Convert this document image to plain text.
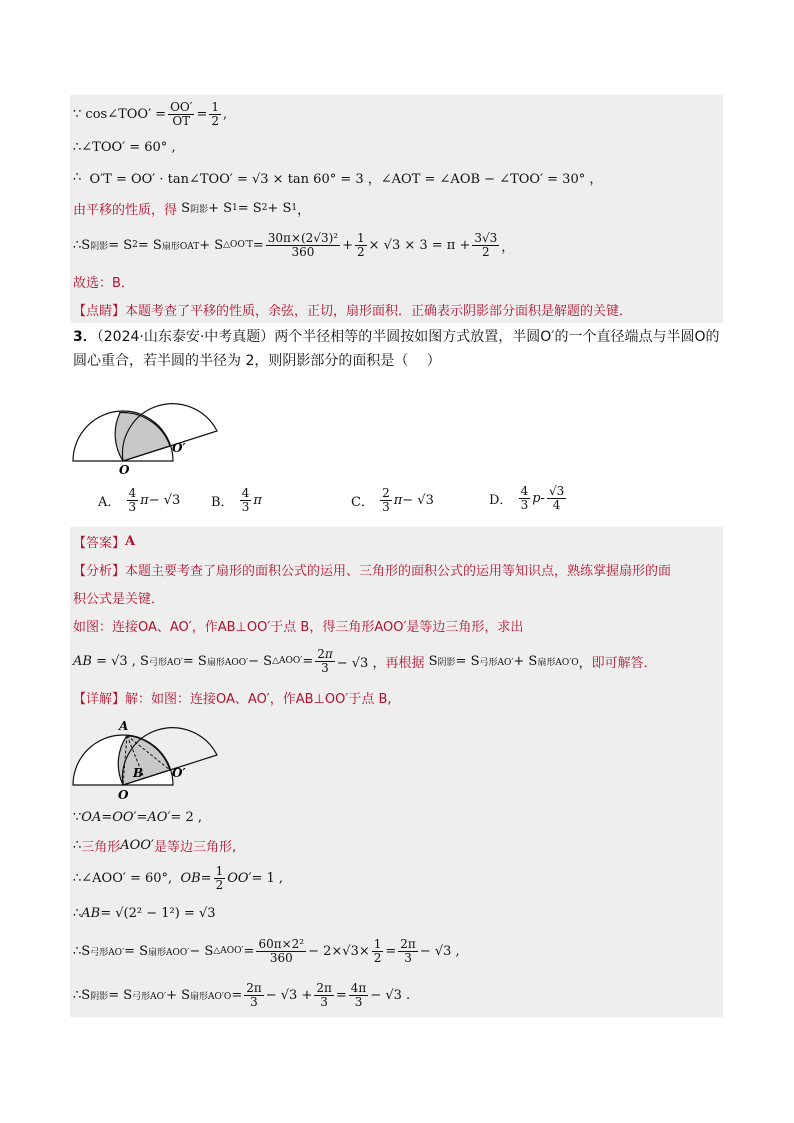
∵ cos∠TOO′ = $\frac{OO'}{OT} = \frac{1}{2}$ ,
∴ ∠TOO′ = 60° ,
∴ O′T = OO′ · tan∠TOO′ = √3 × tan 60° = 3 ，∠AOT = ∠AOB − ∠TOO′ = 30° ，
由平移的性质，得 S 阴影 + S 1 = S 2 + S 1 ，
∴ S 阴影 = S 2 = S 扇形OAT + S △OO′T = $\frac{\text{30π×(2√3)²}}{360} + \frac{1}{2} \times √3 \times 3 = \pi + \frac{3√3}{2}$ ，
故选：B．
【点睛】 本题考查了平移的性质，余弦，正切，扇形面积．正确表示阴影部分面积是解题的关键．
3．（2024·山东泰安·中考真题）两个半径相等的半圆按如图方式放置，半圆O′的一个直径端点与半圆O的圆心重合，若半圆的半径为 2，则阴影部分的面积是（　 ）
O
O′
A． $\frac{4}{3}$ π − √3 B． $\frac{4}{3}$ π	C． $\frac{2}{3}$ π − √3	D． $\frac{4}{3}$ p - $\frac{√3}{4}$
【答案】 A
【分析】 本题主要考查了扇形的面积公式的运用、三角形的面积公式的运用等知识点，熟练掌握扇形的面
积公式是关键．
如图：连接OA、AO′，作AB⊥OO′于点 B，得三角形AOO′是等边三角形，求出
AB = √3 , S 弓形AO′ = S 扇形AOO′ − S △AOO′ = $\frac{2\pi}{3} - √3$ ， 再根据 S 阴影 = S 弓形AO′ + S 扇形AO′O ， 即可解答．
【详解】 解：如图：连接OA、AO′，作AB⊥OO′于点 B,
A
B O′
O
∵ OA = OO′ = AO′ = 2 ,
∴ 三角形 AOO′ 是等边三角形,
∴ ∠AOO′ = 60°, OB = $\frac{1}{2} OO' = 1$ ,
∴ AB = √(2² − 1²) = √3
∴ S 弓形AO′ = S 扇形AOO′ − S △AOO′ = $\frac{\text{60π×2²}}{360} - 2\times√3\times \frac{1}{2} = \frac{2\pi}{3} - √3$ ,
∴ S 阴影 = S 弓形AO′ + S 扇形$AO'O = \frac{2\pi}{3} - √3 + \frac{2\pi}{3} = \frac{4\pi}{3} - √3$ .
